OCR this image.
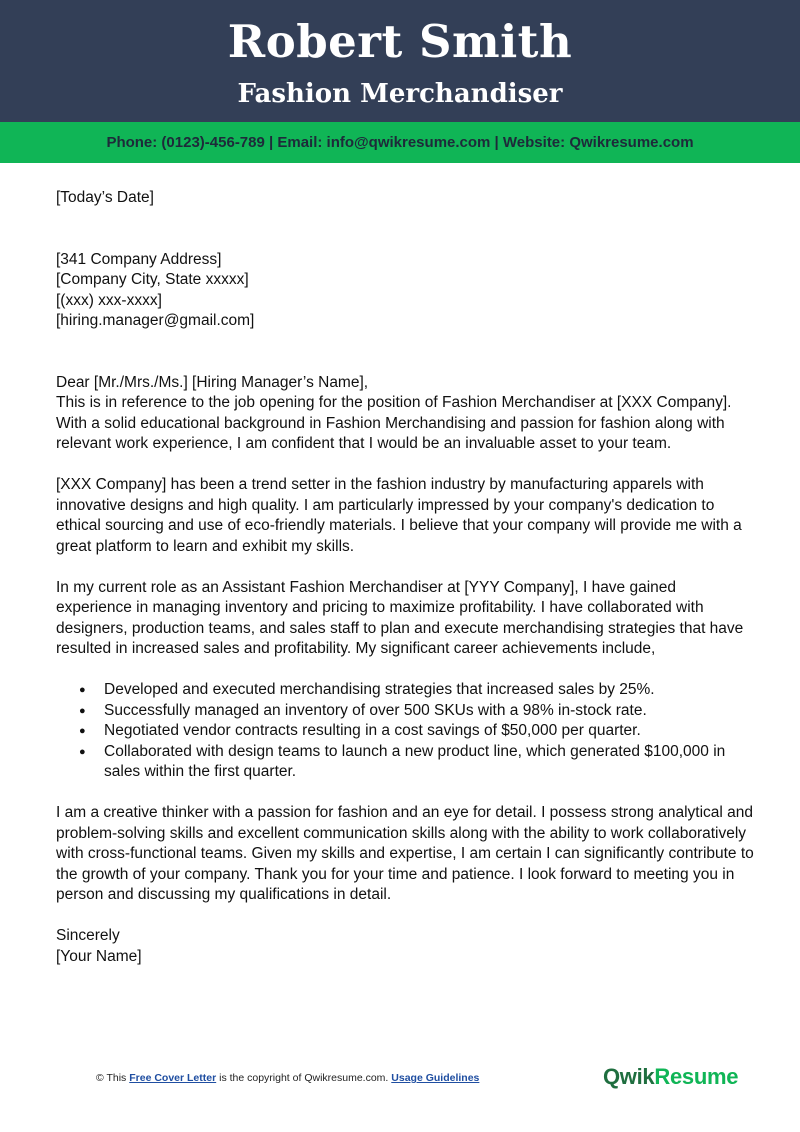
Robert Smith
Fashion Merchandiser
Phone: (0123)-456-789 | Email: info@qwikresume.com | Website: Qwikresume.com
[Today’s Date]
[341 Company Address]
[Company City, State xxxxx]
[(xxx) xxx-xxxx]
[hiring.manager@gmail.com]
Dear [Mr./Mrs./Ms.] [Hiring Manager’s Name],

This is in reference to the job opening for the position of Fashion Merchandiser at [XXX Company]. With a solid educational background in Fashion Merchandising and passion for fashion along with relevant work experience, I am confident that I would be an invaluable asset to your team.

[XXX Company] has been a trend setter in the fashion industry by manufacturing apparels with innovative designs and high quality. I am particularly impressed by your company's dedication to ethical sourcing and use of eco-friendly materials. I believe that your company will provide me with a great platform to learn and exhibit my skills.

In my current role as an Assistant Fashion Merchandiser at [YYY Company], I have gained experience in managing inventory and pricing to maximize profitability. I have collaborated with designers, production teams, and sales staff to plan and execute merchandising strategies that have resulted in increased sales and profitability. My significant career achievements include,

● Developed and executed merchandising strategies that increased sales by 25%.
● Successfully managed an inventory of over 500 SKUs with a 98% in-stock rate.
● Negotiated vendor contracts resulting in a cost savings of $50,000 per quarter.
● Collaborated with design teams to launch a new product line, which generated $100,000 in sales within the first quarter.

I am a creative thinker with a passion for fashion and an eye for detail. I possess strong analytical and problem-solving skills and excellent communication skills along with the ability to work collaboratively with cross-functional teams. Given my skills and expertise, I am certain I can significantly contribute to the growth of your company. Thank you for your time and patience. I look forward to meeting you in person and discussing my qualifications in detail.

Sincerely
[Your Name]
© This Free Cover Letter is the copyright of Qwikresume.com. Usage Guidelines	QwikResume
